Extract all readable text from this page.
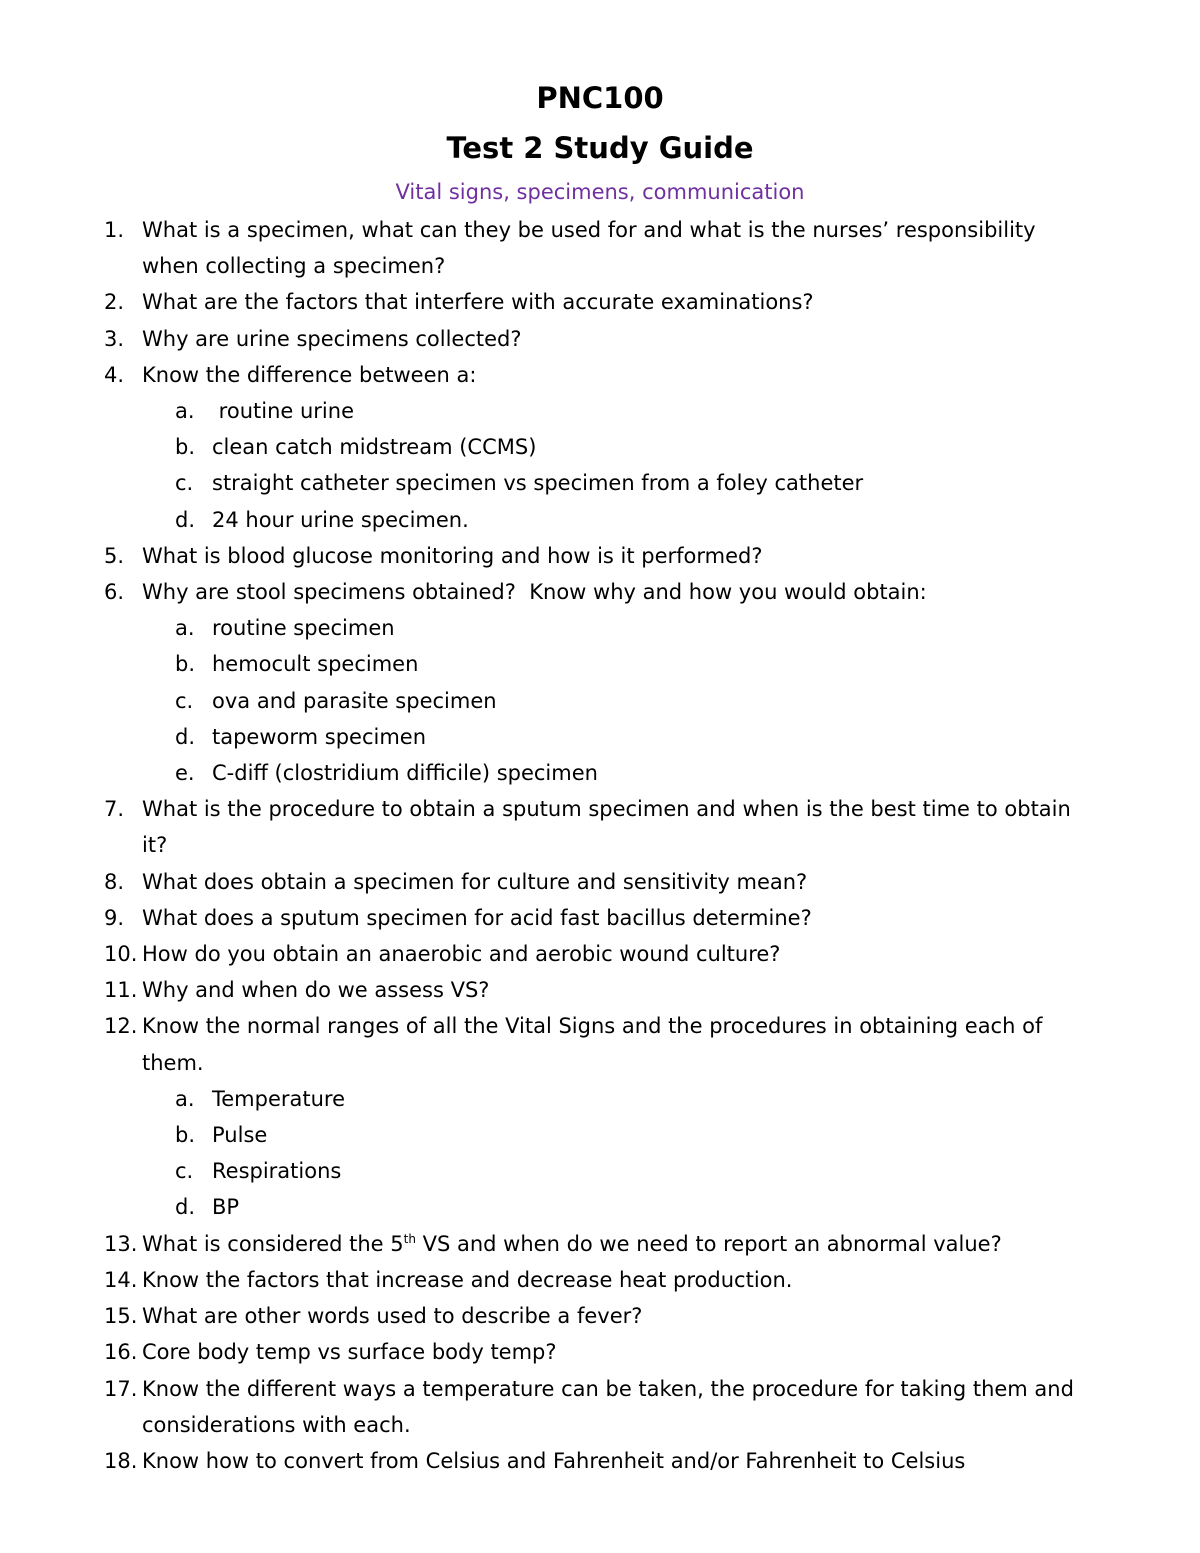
PNC100
Test 2 Study Guide
Vital signs, specimens, communication
1. What is a specimen, what can they be used for and what is the nurses’ responsibility
when collecting a specimen?
2. What are the factors that interfere with accurate examinations?
3. Why are urine specimens collected?
4. Know the difference between a:
a. routine urine
b. clean catch midstream (CCMS)
c. straight catheter specimen vs specimen from a foley catheter
d. 24 hour urine specimen.
5. What is blood glucose monitoring and how is it performed?
6. Why are stool specimens obtained?  Know why and how you would obtain:
a. routine specimen
b. hemocult specimen
c. ova and parasite specimen
d. tapeworm specimen
e. C-diff (clostridium difficile) specimen
7. What is the procedure to obtain a sputum specimen and when is the best time to obtain
it?
8. What does obtain a specimen for culture and sensitivity mean?
9. What does a sputum specimen for acid fast bacillus determine?
10. How do you obtain an anaerobic and aerobic wound culture?
11. Why and when do we assess VS?
12. Know the normal ranges of all the Vital Signs and the procedures in obtaining each of
them.
a. Temperature
b. Pulse
c. Respirations
d. BP
13. What is considered the 5th VS and when do we need to report an abnormal value?
14. Know the factors that increase and decrease heat production.
15. What are other words used to describe a fever?
16. Core body temp vs surface body temp?
17. Know the different ways a temperature can be taken, the procedure for taking them and
considerations with each.
18. Know how to convert from Celsius and Fahrenheit and/or Fahrenheit to Celsius
